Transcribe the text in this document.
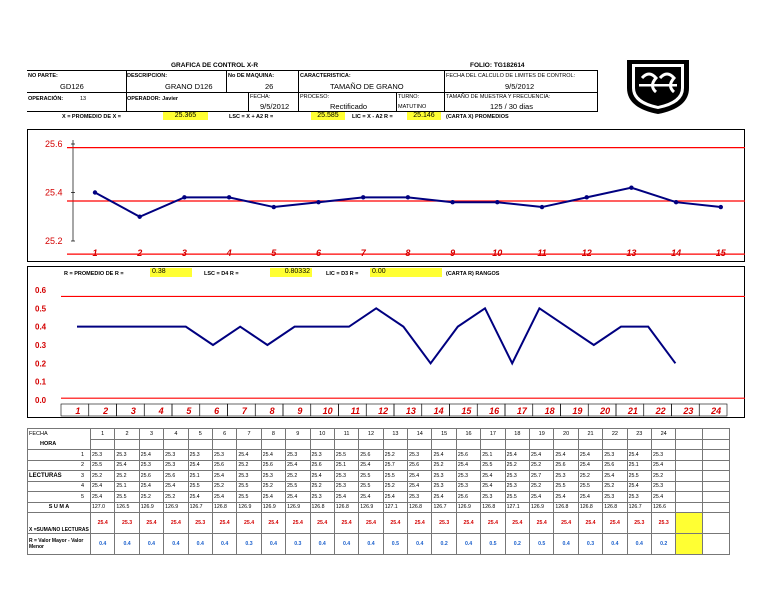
GRAFICA DE CONTROL X-R	FOLIO: TG182614
NO PARTE:
GD126
DESCRIPCION:
GRANO D126
No DE MAQUINA:
26
CARACTERISTICA:
TAMAÑO DE GRANO
FECHA DEL CALCULO DE LIMITES DE CONTROL:
9/5/2012
OPERACIÓN:	13	OPERADOR: Javier	FECHA:
9/5/2012
PROCESO:
Rectificado
TURNO:
MATUTINO
TAMAÑO DE MUESTRA Y FRECUENCIA:
125 / 30 dias
X = PROMEDIO DE X =	25.365	LSC = X + A2 R =	25.585	LIC = X - A2 R =	25.146	(CARTA X) PROMEDIOS
25.6
25.4
25.2
1	2	3	4	5	6	7	8	9	10	11	12	13	14	15
R = PROMEDIO DE R =	0.38	LSC = D4 R =	0.80332	LIC = D3 R = 0.00	(CARTA R) RANGOS
0.6
0.5
0.4
0.3
0.2
0.1
0.0
1	2	3	4	5	6	7	8	9 10 11 12 13 14 15 16 17 18 19 20 21 22 23 24
FECHA	1	2	3	4	5	6	7	8	9	10	11	12	13	14	15	16	17	18	19	20	21	22	23	24		
HORA																										
1	25.3	25.3	25.4	25.3	25.3	25.3	25.4	25.4	25.3	25.3	25.5	25.6	25.2	25.3	25.4	25.6	25.1	25.4	25.4	25.4	25.4	25.3	25.4	25.3		
2	25.5	25.4	25.3	25.3	25.4	25.6	25.2	25.6	25.4	25.6	25.1	25.4	25.7	25.6	25.2	25.4	25.5	25.2	25.2	25.6	25.4	25.6	25.1	25.4		

LECTURAS 3	25.2	25.2	25.6	25.6	25.1	25.4	25.3	25.3	25.2	25.4	25.3	25.5	25.5	25.4	25.3	25.3	25.4	25.3	25.7	25.3	25.2	25.4	25.5	25.2		
4	25.4	25.1	25.4	25.4	25.5	25.2	25.5	25.2	25.5	25.2	25.3	25.5	25.2	25.4	25.3	25.3	25.4	25.3	25.2	25.5	25.5	25.2	25.4	25.3		
5	25.4	25.5	25.2	25.2	25.4	25.4	25.5	25.4	25.4	25.3	25.4	25.4	25.4	25.3	25.4	25.6	25.3	25.5	25.4	25.4	25.4	25.3	25.3	25.4		
S U M A	127.0	126.5	126.9	126.9	126.7	126.8	126.9	126.9	126.9	126.8	126.8	126.9	127.1	126.8	126.7	126.9	126.8	127.1	126.9	126.8	126.8	126.8	126.7	126.6		
X =SUMA/NO LECTURAS	25.4	25.3	25.4	25.4	25.3	25.4	25.4	25.4	25.4	25.4	25.4	25.4	25.4	25.4	25.3	25.4	25.4	25.4	25.4	25.4	25.4	25.4	25.3	25.3		
R = Valor Mayor - Valor Menor	0.4	0.4	0.4	0.4	0.4	0.4	0.3	0.4	0.3	0.4	0.4	0.4	0.5	0.4	0.2	0.4	0.5	0.2	0.5	0.4	0.3	0.4	0.4	0.2		
